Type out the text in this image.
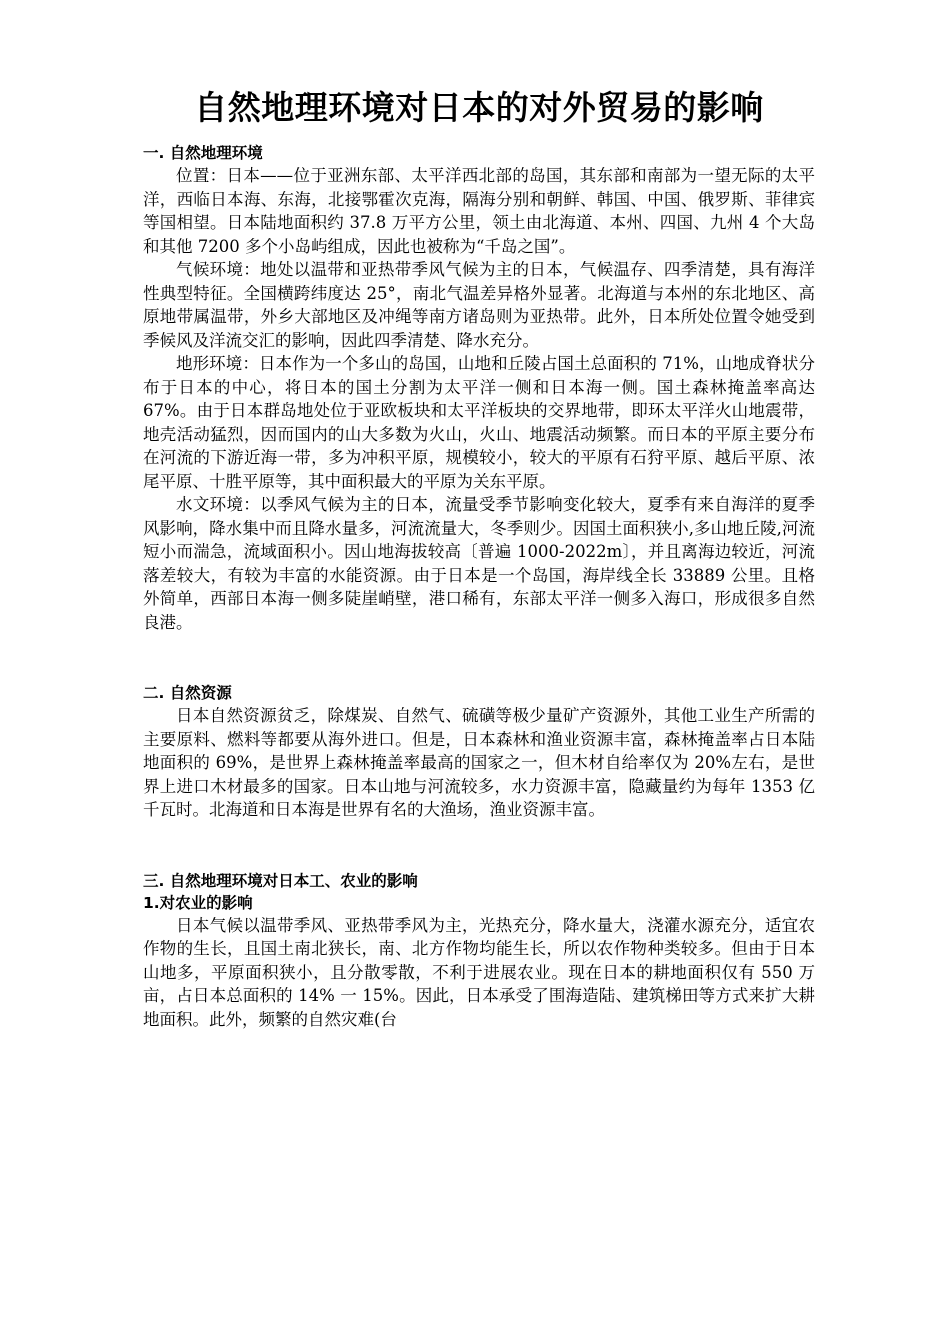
自然地理环境对日本的对外贸易的影响
一. 自然地理环境

位置：日本——位于亚洲东部、太平洋西北部的岛国，其东部和南部为一望无际的太平洋，西临日本海、东海，北接鄂霍次克海，隔海分别和朝鲜、韩国、中国、俄罗斯、菲律宾等国相望。日本陆地面积约 37.8 万平方公里，领土由北海道、本州、四国、九州 4 个大岛和其他 7200 多个小岛屿组成，因此也被称为“千岛之国”。

气候环境：地处以温带和亚热带季风气候为主的日本，气候温存、四季清楚，具有海洋性典型特征。全国横跨纬度达 25°，南北气温差异格外显著。北海道与本州的东北地区、高原地带属温带，外乡大部地区及冲绳等南方诸岛则为亚热带。此外，日本所处位置令她受到季候风及洋流交汇的影响，因此四季清楚、降水充分。

地形环境：日本作为一个多山的岛国，山地和丘陵占国土总面积的 71%，山地成脊状分布于日本的中心，将日本的国土分割为太平洋一侧和日本海一侧。国土森林掩盖率高达 67%。由于日本群岛地处位于亚欧板块和太平洋板块的交界地带，即环太平洋火山地震带，地壳活动猛烈，因而国内的山大多数为火山，火山、地震活动频繁。而日本的平原主要分布在河流的下游近海一带，多为冲积平原，规模较小，较大的平原有石狩平原、越后平原、浓尾平原、十胜平原等，其中面积最大的平原为关东平原。

水文环境：以季风气候为主的日本，流量受季节影响变化较大，夏季有来自海洋的夏季风影响，降水集中而且降水量多，河流流量大，冬季则少。因国土面积狭小,多山地丘陵,河流短小而湍急，流域面积小。因山地海拔较高〔普遍 1000-2022m〕，并且离海边较近，河流落差较大，有较为丰富的水能资源。由于日本是一个岛国，海岸线全长 33889 公里。且格外简单，西部日本海一侧多陡崖峭壁，港口稀有，东部太平洋一侧多入海口，形成很多自然良港。

二. 自然资源

日本自然资源贫乏，除煤炭、自然气、硫磺等极少量矿产资源外，其他工业生产所需的主要原料、燃料等都要从海外进口。但是，日本森林和渔业资源丰富，森林掩盖率占日本陆地面积的 69%，是世界上森林掩盖率最高的国家之一，但木材自给率仅为 20%左右，是世界上进口木材最多的国家。日本山地与河流较多，水力资源丰富，隐藏量约为每年 1353 亿千瓦时。北海道和日本海是世界有名的大渔场，渔业资源丰富。

三. 自然地理环境对日本工、农业的影响
1.对农业的影响

日本气候以温带季风、亚热带季风为主，光热充分，降水量大，浇灌水源充分，适宜农作物的生长，且国土南北狭长，南、北方作物均能生长，所以农作物种类较多。但由于日本山地多，平原面积狭小，且分散零散，不利于进展农业。现在日本的耕地面积仅有 550 万亩，占日本总面积的 14% 一 15%。因此，日本承受了围海造陆、建筑梯田等方式来扩大耕地面积。此外，频繁的自然灾难(台
